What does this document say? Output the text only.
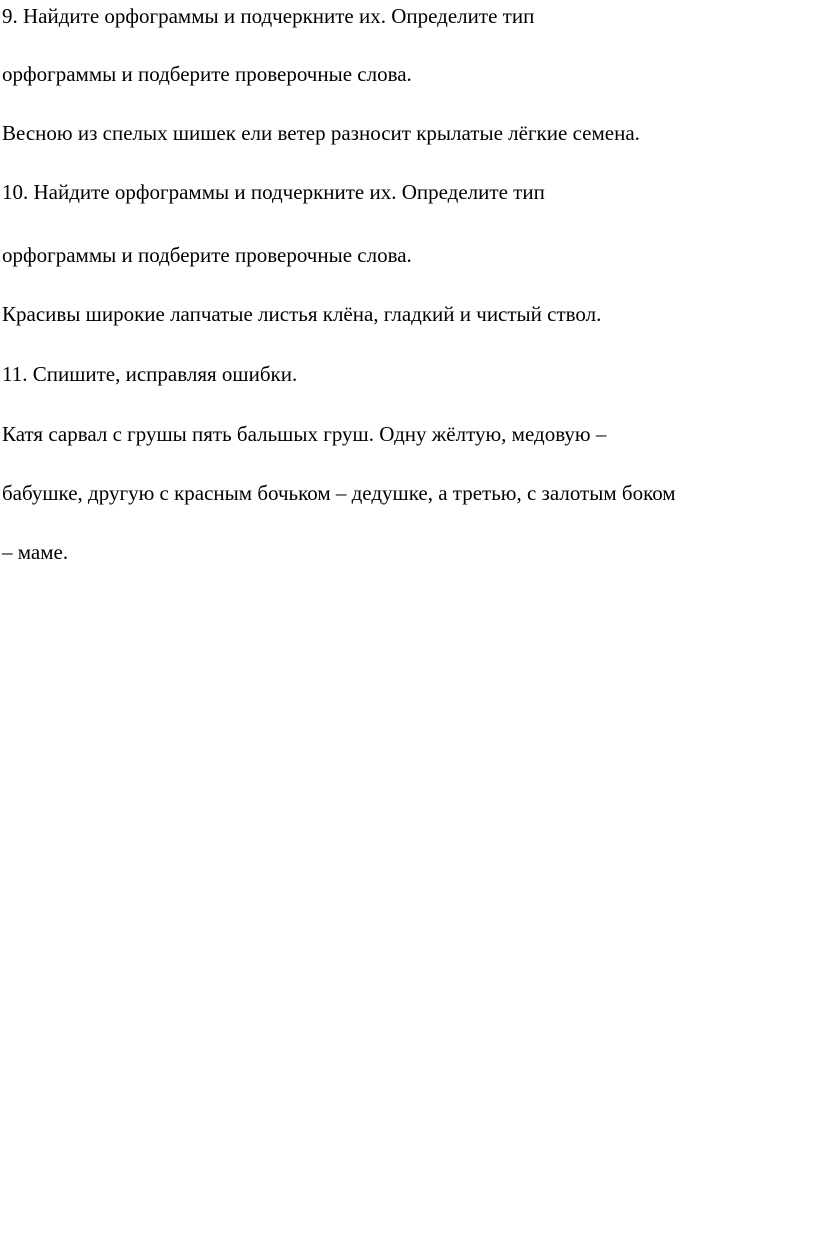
9. Найдите орфограммы и подчеркните их. Определите тип

орфограммы и подберите проверочные слова.

Весною из спелых шишек ели ветер разносит крылатые лёгкие семена.

10. Найдите орфограммы и подчеркните их. Определите тип

орфограммы и подберите проверочные слова.

Красивы широкие лапчатые листья клёна, гладкий и чистый ствол.

11. Спишите, исправляя ошибки.

Катя сарвал с грушы пять бальшых груш. Одну жёлтую, медовую –

бабушке, другую с красным бочьком – дедушке, а третью, с залотым боком

– маме.
